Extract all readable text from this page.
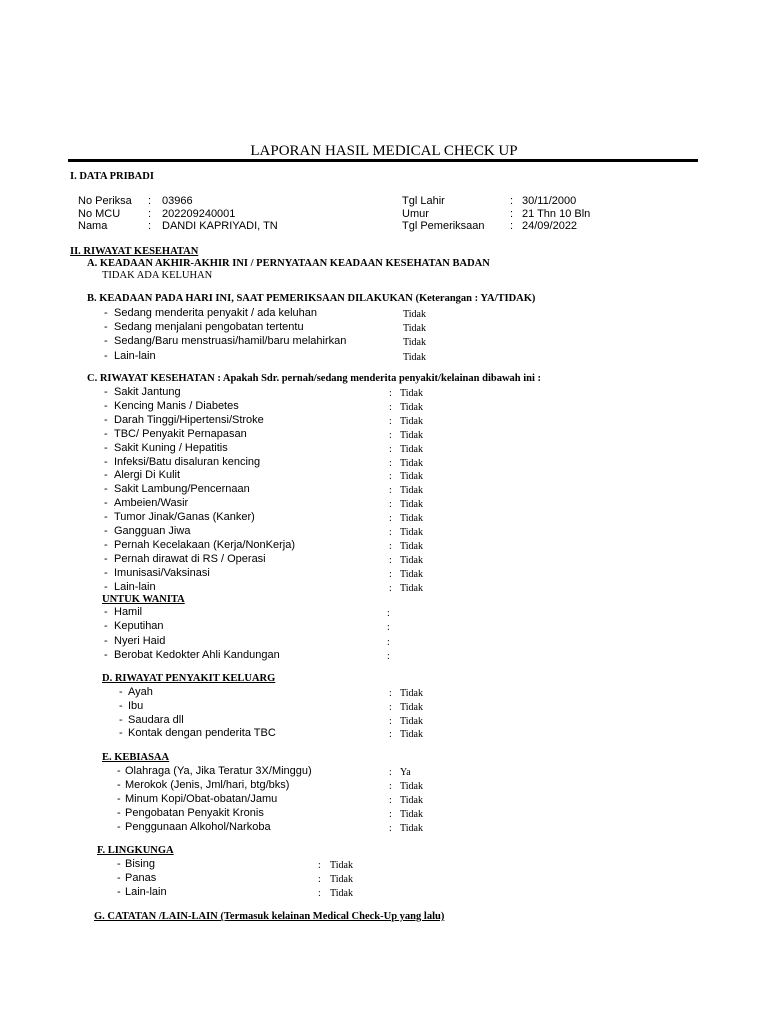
LAPORAN HASIL MEDICAL CHECK UP
I. DATA PRIBADI
No Periksa : 03966
No MCU	: 202209240001
Nama	: DANDI KAPRIYADI, TN
Tgl Lahir	: 30/11/2000
Umur	: 21 Thn 10 Bln
Tgl Pemeriksaan : 24/09/2022
II. RIWAYAT KESEHATAN
A. KEADAAN AKHIR-AKHIR INI / PERNYATAAN KEADAAN KESEHATAN BADAN
TIDAK ADA KELUHAN
B. KEADAAN PADA HARI INI, SAAT PEMERIKSAAN DILAKUKAN (Keterangan : YA/TIDAK)
- Sedang menderita penyakit / ada keluhan	Tidak
- Sedang menjalani pengobatan tertentu	Tidak
- Sedang/Baru menstruasi/hamil/baru melahirkan	Tidak
- Lain-lain	Tidak
C. RIWAYAT KESEHATAN : Apakah Sdr. pernah/sedang menderita penyakit/kelainan dibawah ini :
- Sakit Jantung	: Tidak
- Kencing Manis / Diabetes	: Tidak
- Darah Tinggi/Hipertensi/Stroke	: Tidak
- TBC/ Penyakit Pernapasan	: Tidak
- Sakit Kuning / Hepatitis	: Tidak
- Infeksi/Batu disaluran kencing	: Tidak
- Alergi Di Kulit	: Tidak
- Sakit Lambung/Pencernaan	: Tidak
- Ambeien/Wasir	: Tidak
- Tumor Jinak/Ganas (Kanker)	: Tidak
- Gangguan Jiwa	: Tidak
- Pernah Kecelakaan (Kerja/NonKerja)	: Tidak
- Pernah dirawat di RS / Operasi	: Tidak
- Imunisasi/Vaksinasi	: Tidak
- Lain-lain	: Tidak
UNTUK WANITA
- Hamil	:
- Keputihan	:
- Nyeri Haid	:
- Berobat Kedokter Ahli Kandungan	:
D. RIWAYAT PENYAKIT KELUARG
- Ayah	: Tidak
- Ibu	: Tidak
- Saudara dll	: Tidak
- Kontak dengan penderita TBC	: Tidak
E. KEBIASAA
- Olahraga (Ya, Jika Teratur 3X/Minggu)	: Ya
- Merokok (Jenis, Jml/hari, btg/bks)	: Tidak
- Minum Kopi/Obat-obatan/Jamu	: Tidak
- Pengobatan Penyakit Kronis	: Tidak
- Penggunaan Alkohol/Narkoba	: Tidak
F. LINGKUNGA
- Bising	: Tidak
- Panas	: Tidak
- Lain-lain	: Tidak
G. CATATAN /LAIN-LAIN (Termasuk kelainan Medical Check-Up yang lalu)
